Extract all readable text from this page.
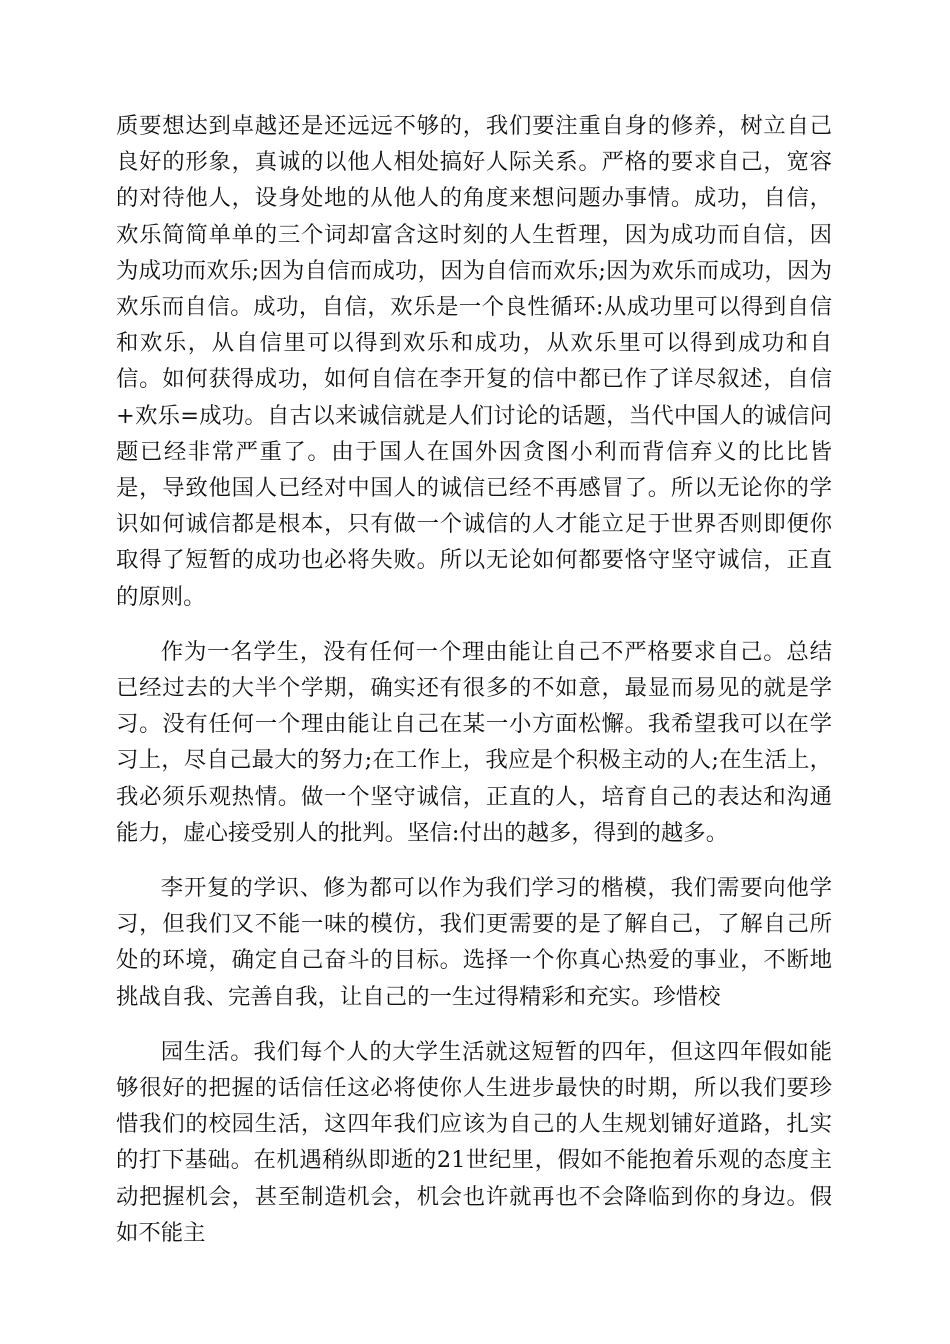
质要想达到卓越还是还远远不够的，我们要注重自身的修养，树立自己良好的形象，真诚的以他人相处搞好人际关系。严格的要求自己，宽容的对待他人，设身处地的从他人的角度来想问题办事情。成功，自信，欢乐简简单单的三个词却富含这时刻的人生哲理，因为成功而自信，因为成功而欢乐;因为自信而成功，因为自信而欢乐;因为欢乐而成功，因为欢乐而自信。成功，自信，欢乐是一个良性循环:从成功里可以得到自信和欢乐，从自信里可以得到欢乐和成功，从欢乐里可以得到成功和自信。如何获得成功，如何自信在李开复的信中都已作了详尽叙述，自信+欢乐=成功。自古以来诚信就是人们讨论的话题，当代中国人的诚信问题已经非常严重了。由于国人在国外因贪图小利而背信弃义的比比皆是，导致他国人已经对中国人的诚信已经不再感冒了。所以无论你的学识如何诚信都是根本，只有做一个诚信的人才能立足于世界否则即便你取得了短暂的成功也必将失败。所以无论如何都要恪守坚守诚信，正直的原则。

作为一名学生，没有任何一个理由能让自己不严格要求自己。总结已经过去的大半个学期，确实还有很多的不如意，最显而易见的就是学习。没有任何一个理由能让自己在某一小方面松懈。我希望我可以在学习上，尽自己最大的努力;在工作上，我应是个积极主动的人;在生活上，我必须乐观热情。做一个坚守诚信，正直的人，培育自己的表达和沟通能力，虚心接受别人的批判。坚信:付出的越多，得到的越多。

李开复的学识、修为都可以作为我们学习的楷模，我们需要向他学习，但我们又不能一味的模仿，我们更需要的是了解自己，了解自己所处的环境，确定自己奋斗的目标。选择一个你真心热爱的事业，不断地挑战自我、完善自我，让自己的一生过得精彩和充实。珍惜校

园生活。我们每个人的大学生活就这短暂的四年，但这四年假如能够很好的把握的话信任这必将使你人生进步最快的时期，所以我们要珍惜我们的校园生活，这四年我们应该为自己的人生规划铺好道路，扎实的打下基础。在机遇稍纵即逝的21世纪里，假如不能抱着乐观的态度主动把握机会，甚至制造机会，机会也许就再也不会降临到你的身边。假如不能主
